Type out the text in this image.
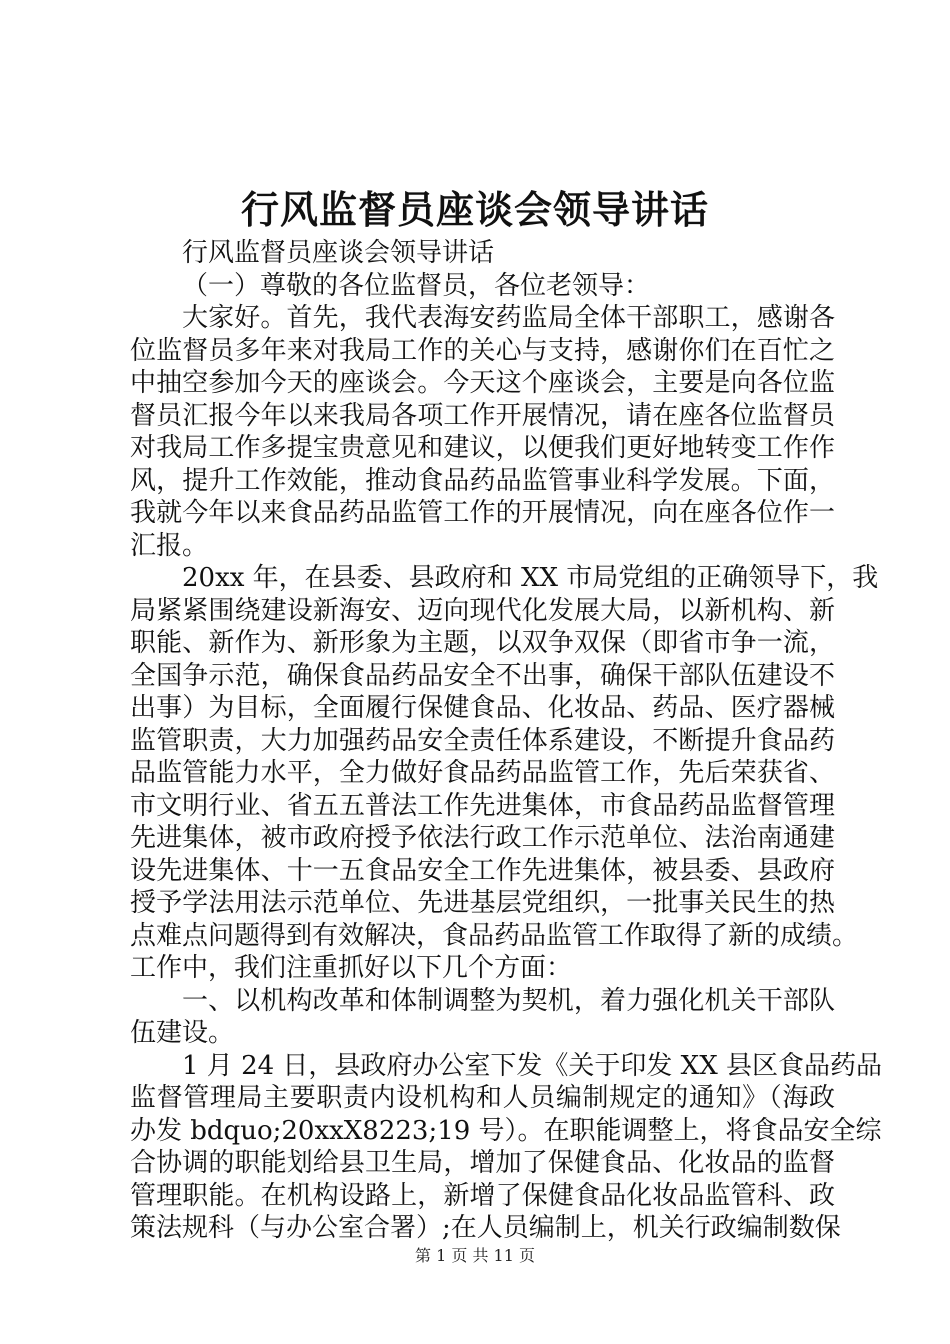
行风监督员座谈会领导讲话
行风监督员座谈会领导讲话
（一）尊敬的各位监督员，各位老领导：
大家好。首先，我代表海安药监局全体干部职工，感谢各
位监督员多年来对我局工作的关心与支持，感谢你们在百忙之
中抽空参加今天的座谈会。今天这个座谈会，主要是向各位监
督员汇报今年以来我局各项工作开展情况，请在座各位监督员
对我局工作多提宝贵意见和建议，以便我们更好地转变工作作
风，提升工作效能，推动食品药品监管事业科学发展。下面，
我就今年以来食品药品监管工作的开展情况，向在座各位作一
汇报。
20xx 年，在县委、县政府和 XX 市局党组的正确领导下，我
局紧紧围绕建设新海安、迈向现代化发展大局，以新机构、新
职能、新作为、新形象为主题，以双争双保（即省市争一流，
全国争示范，确保食品药品安全不出事，确保干部队伍建设不
出事）为目标，全面履行保健食品、化妆品、药品、医疗器械
监管职责，大力加强药品安全责任体系建设，不断提升食品药
品监管能力水平，全力做好食品药品监管工作，先后荣获省、
市文明行业、省五五普法工作先进集体，市食品药品监督管理
先进集体，被市政府授予依法行政工作示范单位、法治南通建
设先进集体、十一五食品安全工作先进集体，被县委、县政府
授予学法用法示范单位、先进基层党组织，一批事关民生的热
点难点问题得到有效解决，食品药品监管工作取得了新的成绩。
工作中，我们注重抓好以下几个方面：
一、以机构改革和体制调整为契机，着力强化机关干部队
伍建设。
1 月 24 日，县政府办公室下发《关于印发 XX 县区食品药品
监督管理局主要职责内设机构和人员编制规定的通知》（海政
办发 bdquo;20xxX8223;19 号）。在职能调整上，将食品安全综
合协调的职能划给县卫生局，增加了保健食品、化妆品的监督
管理职能。在机构设路上，新增了保健食品化妆品监管科、政
策法规科（与办公室合署）;在人员编制上，机关行政编制数保
第 1 页 共 11 页
